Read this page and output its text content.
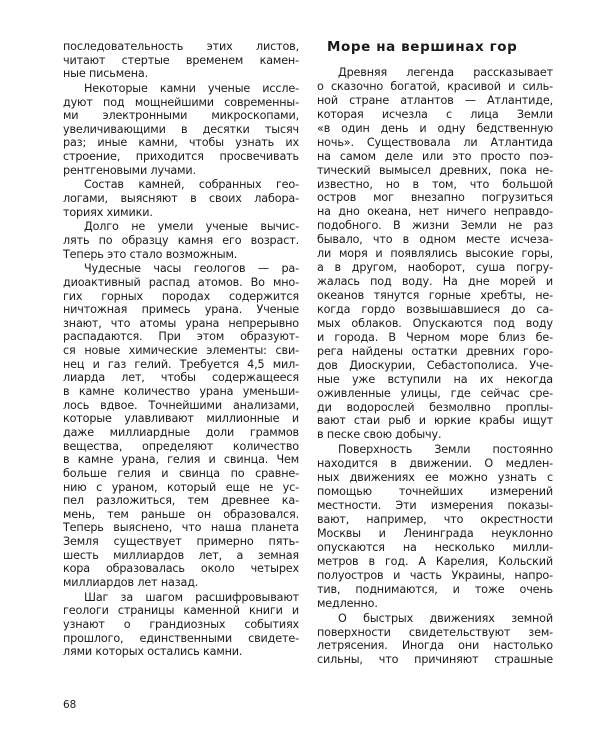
последовательность этих листов,
читают стертые временем камен-
ные письмена.
Некоторые камни ученые иссле-
дуют под мощнейшими современны-
ми электронными микроскопами,
увеличивающими в десятки тысяч
раз; иные камни, чтобы узнать их
строение, приходится просвечивать
рентгеновыми лучами.
Состав камней, собранных гео-
логами, выясняют в своих лабора-
ториях химики.
Долго не умели ученые вычис-
лять по образцу камня его возраст.
Теперь это стало возможным.
Чудесные часы геологов — ра-
диоактивный распад атомов. Во мно-
гих горных породах содержится
ничтожная примесь урана. Ученые
знают, что атомы урана непрерывно
распадаются. При этом образуют-
ся новые химические элементы: сви-
нец и газ гелий. Требуется 4,5 мил-
лиарда лет, чтобы содержащееся
в камне количество урана уменьши-
лось вдвое. Точнейшими анализами,
которые улавливают миллионные и
даже миллиардные доли граммов
вещества, определяют количество
в камне урана, гелия и свинца. Чем
больше гелия и свинца по сравне-
нию с ураном, который еще не ус-
пел разложиться, тем древнее ка-
мень, тем раньше он образовался.
Теперь выяснено, что наша планета
Земля существует примерно пять-
шесть миллиардов лет, а земная
кора образовалась около четырех
миллиардов лет назад.
Шаг за шагом расшифровывают
геологи страницы каменной книги и
узнают о грандиозных событиях
прошлого, единственными свидете-
лями которых остались камни.
Море на вершинах гор
Древняя легенда рассказывает
о сказочно богатой, красивой и силь-
ной стране атлантов — Атлантиде,
которая исчезла с лица Земли
«в один день и одну бедственную
ночь». Существовала ли Атлантида
на самом деле или это просто поэ-
тический вымысел древних, пока не-
известно, но в том, что большой
остров мог внезапно погрузиться
на дно океана, нет ничего неправдо-
подобного. В жизни Земли не раз
бывало, что в одном месте исчеза-
ли моря и появлялись высокие горы,
а в другом, наоборот, суша погру-
жалась под воду. На дне морей и
океанов тянутся горные хребты, не-
когда гордо возвышавшиеся до са-
мых облаков. Опускаются под воду
и города. В Черном море близ бе-
рега найдены остатки древних горо-
дов Диоскурии, Себастополиса. Уче-
ные уже вступили на их некогда
оживленные улицы, где сейчас сре-
ди водорослей безмолвно проплы-
вают стаи рыб и юркие крабы ищут
в песке свою добычу.
Поверхность Земли постоянно
находится в движении. О медлен-
ных движениях ее можно узнать с
помощью точнейших измерений
местности. Эти измерения показы-
вают, например, что окрестности
Москвы и Ленинграда неуклонно
опускаются на несколько милли-
метров в год. А Карелия, Кольский
полуостров и часть Украины, напро-
тив, поднимаются, и тоже очень
медленно.
О быстрых движениях земной
поверхности свидетельствуют зем-
летрясения. Иногда они настолько
сильны, что причиняют страшные
68
